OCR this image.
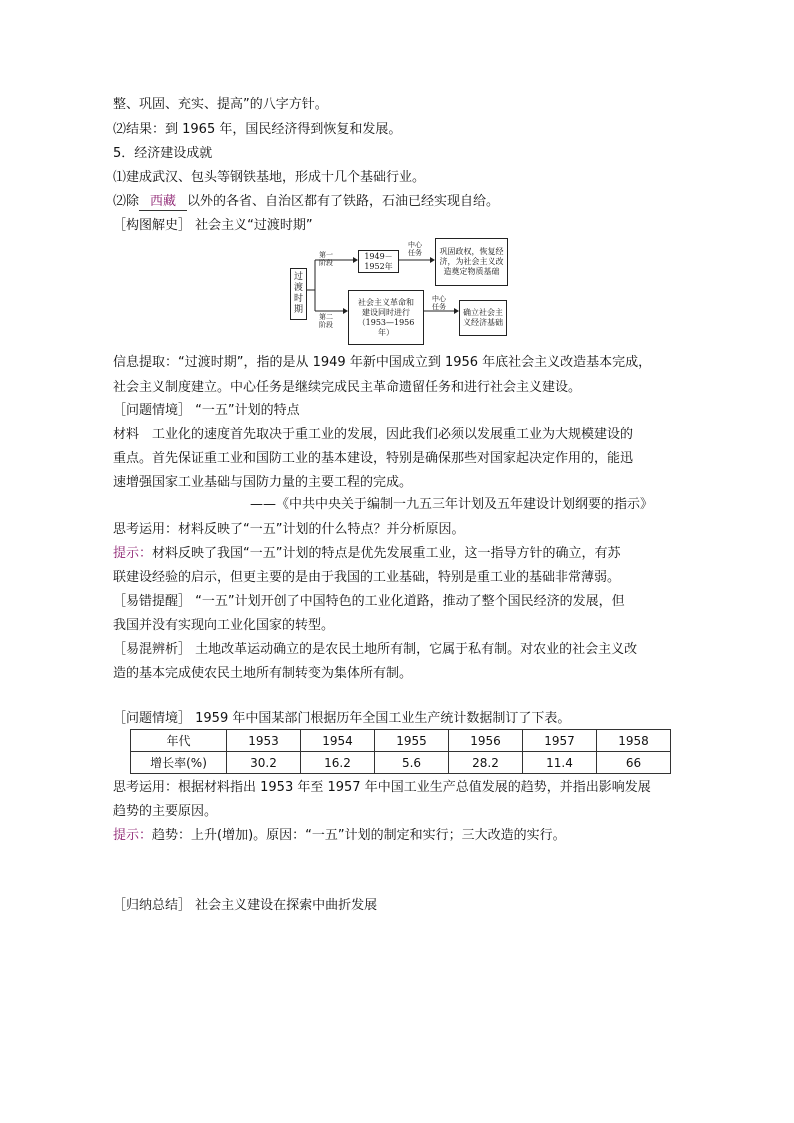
整、巩固、充实、提高”的八字方针。
⑵结果：到 1965 年，国民经济得到恢复和发展。
5．经济建设成就
⑴建成武汉、包头等钢铁基地，形成十几个基础行业。
⑵除 西藏 以外的各省、自治区都有了铁路，石油已经实现自给。
［构图解史］ 社会主义“过渡时期”
过渡时期
第一阶段
第二阶段
1949－1952年
社会主义革命和建设同时进行（1953—1956年）
中心任务
中心任务
巩固政权，恢复经济，为社会主义改造奠定物质基础
确立社会主义经济基础
信息提取：“过渡时期”，指的是从 1949 年新中国成立到 1956 年底社会主义改造基本完成，
社会主义制度建立。中心任务是继续完成民主革命遗留任务和进行社会主义建设。
［问题情境］ “一五”计划的特点
材料　工业化的速度首先取决于重工业的发展，因此我们必须以发展重工业为大规模建设的
重点。首先保证重工业和国防工业的基本建设，特别是确保那些对国家起决定作用的，能迅
速增强国家工业基础与国防力量的主要工程的完成。
——《中共中央关于编制一九五三年计划及五年建设计划纲要的指示》
思考运用：材料反映了“一五”计划的什么特点？并分析原因。
提示：材料反映了我国“一五”计划的特点是优先发展重工业，这一指导方针的确立，有苏
联建设经验的启示，但更主要的是由于我国的工业基础，特别是重工业的基础非常薄弱。
［易错提醒］ “一五”计划开创了中国特色的工业化道路，推动了整个国民经济的发展，但
我国并没有实现向工业化国家的转型。
［易混辨析］ 土地改革运动确立的是农民土地所有制，它属于私有制。对农业的社会主义改
造的基本完成使农民土地所有制转变为集体所有制。
［问题情境］ 1959 年中国某部门根据历年全国工业生产统计数据制订了下表。
年代	1953	1954	1955	1956	1957	1958
增长率(%)	30.2	16.2	5.6	28.2	11.4	66
思考运用：根据材料指出 1953 年至 1957 年中国工业生产总值发展的趋势，并指出影响发展
趋势的主要原因。
提示：趋势：上升(增加)。原因：“一五”计划的制定和实行；三大改造的实行。
［归纳总结］ 社会主义建设在探索中曲折发展
